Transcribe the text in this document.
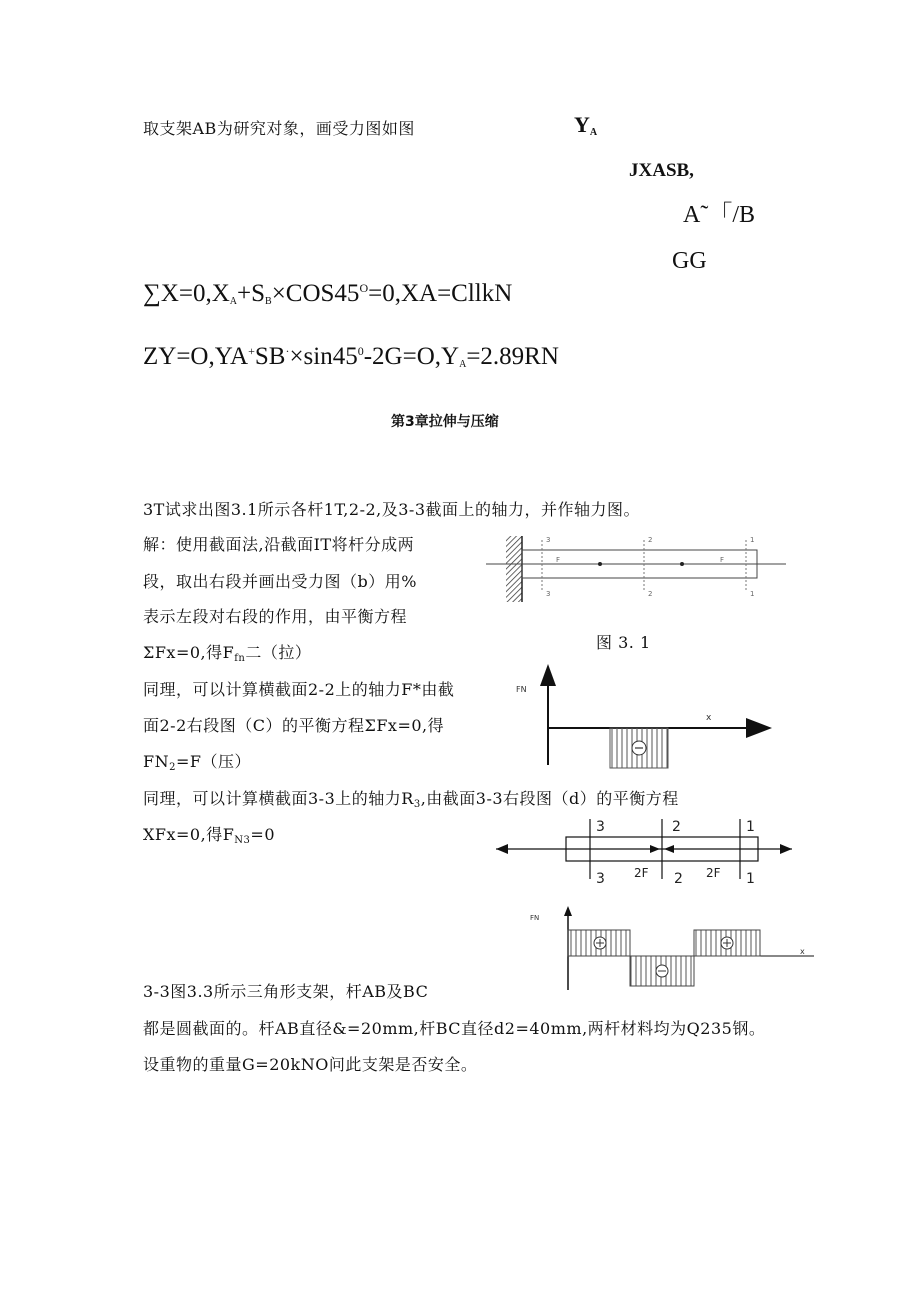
取支架AB为研究对象，画受力图如图	$Y_A$
JXASB,
A˜「/B
GG
$\sum X=0,X_A+S_B\times COS45^O=0,XA=CllkN$
$ZY=O,YA^+SB^\cdot\times\sin 45^0-2G=O,Y_A=2.89RN$
第3章拉伸与压缩
3T试求出图3.1所示各杆1T,2-2,及3-3截面上的轴力，并作轴力图。
解：使用截面法,沿截面IT将杆分成两
段，取出右段并画出受力图（b）用%
表示左段对右段的作用，由平衡方程
ΣFx=0,得$F_{fn}$二（拉）
同理，可以计算横截面2-2上的轴力F*由截
面2-2右段图（C）的平衡方程ΣFx=0,得
$FN_2=F$（压）
同理，可以计算横截面3-3上的轴力$R_3$,由截面3-3右段图（d）的平衡方程
XFx=0,得$F_{N3}=0$
图 3. 1
3	2	1
3	2	1
F	F
FN
x
3	2	1
3 2F 2 2F 1
FN
x
3-3图3.3所示三角形支架，杆AB及BC
都是圆截面的。杆AB直径&=20mm,杆BC直径d2=40mm,两杆材料均为Q235钢。
设重物的重量G=20kNO问此支架是否安全。
